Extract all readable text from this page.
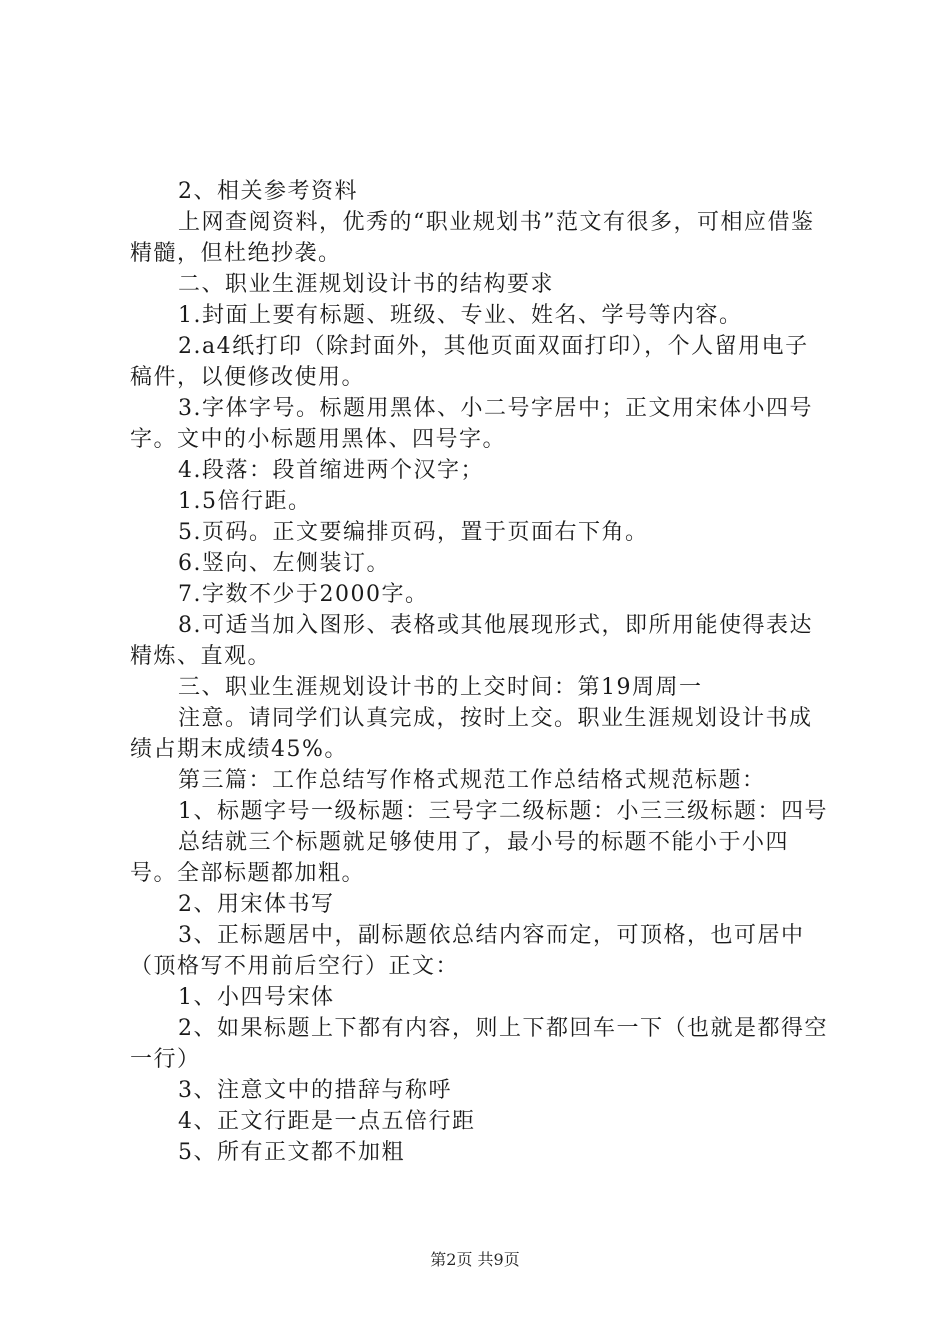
2、相关参考资料

上网查阅资料，优秀的“职业规划书”范文有很多，可相应借鉴精髓，但杜绝抄袭。

二、职业生涯规划设计书的结构要求

1.封面上要有标题、班级、专业、姓名、学号等内容。

2.a4纸打印（除封面外，其他页面双面打印），个人留用电子稿件，以便修改使用。

3.字体字号。标题用黑体、小二号字居中；正文用宋体小四号字。文中的小标题用黑体、四号字。

4.段落：段首缩进两个汉字；

1.5倍行距。

5.页码。正文要编排页码，置于页面右下角。

6.竖向、左侧装订。

7.字数不少于2000字。

8.可适当加入图形、表格或其他展现形式，即所用能使得表达精炼、直观。

三、职业生涯规划设计书的上交时间：第19周周一

注意。请同学们认真完成，按时上交。职业生涯规划设计书成绩占期末成绩45%。

第三篇：工作总结写作格式规范工作总结格式规范标题：

1、标题字号一级标题：三号字二级标题：小三三级标题：四号

总结就三个标题就足够使用了，最小号的标题不能小于小四号。全部标题都加粗。

2、用宋体书写

3、正标题居中，副标题依总结内容而定，可顶格，也可居中（顶格写不用前后空行）正文：

1、小四号宋体

2、如果标题上下都有内容，则上下都回车一下（也就是都得空一行）

3、注意文中的措辞与称呼

4、正文行距是一点五倍行距

5、所有正文都不加粗

第2页 共9页
